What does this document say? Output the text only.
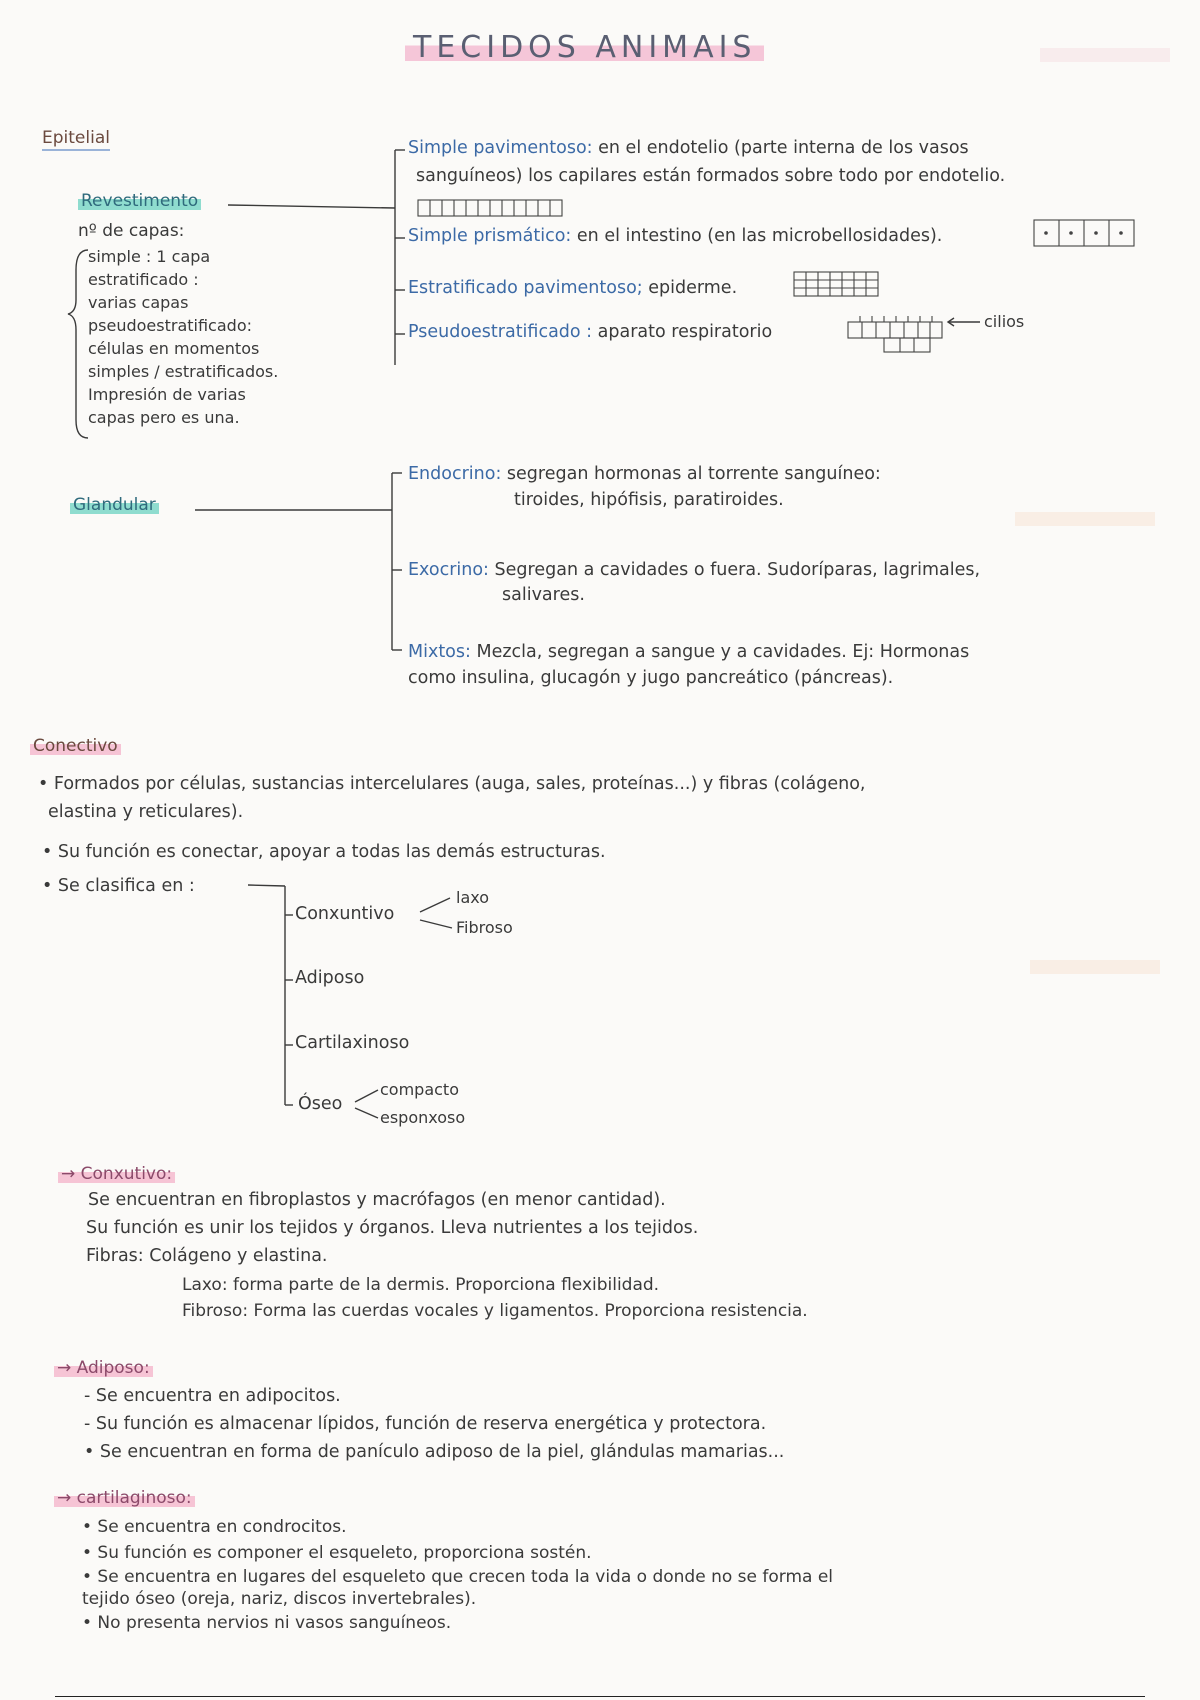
TECIDOS ANIMAIS
Epitelial
Revestimento
nº de capas:
simple : 1 capa
estratificado :
varias capas
pseudoestratificado:
células en momentos
simples / estratificados.
Impresión de varias
capas pero es una.
Simple pavimentoso: en el endotelio (parte interna de los vasos
sanguíneos) los capilares están formados sobre todo por endotelio.
Simple prismático: en el intestino (en las microbellosidades).
Estratificado pavimentoso; epiderme.
Pseudoestratificado : aparato respiratorio
cilios
Glandular
Endocrino: segregan hormonas al torrente sanguíneo:
tiroides, hipófisis, paratiroides.
Exocrino: Segregan a cavidades o fuera. Sudoríparas, lagrimales,
salivares.
Mixtos: Mezcla, segregan a sangue y a cavidades. Ej: Hormonas
como insulina, glucagón y jugo pancreático (páncreas).
Conectivo
• Formados por células, sustancias intercelulares (auga, sales, proteínas...) y fibras (colágeno,
elastina y reticulares).
• Su función es conectar, apoyar a todas las demás estructuras.
• Se clasifica en :
Conxuntivo
laxo
Fibroso
Adiposo
Cartilaxinoso
Óseo
compacto
esponxoso
→ Conxutivo:
Se encuentran en fibroplastos y macrófagos (en menor cantidad).
Su función es unir los tejidos y órganos. Lleva nutrientes a los tejidos.
Fibras: Colágeno y elastina.
Laxo: forma parte de la dermis. Proporciona flexibilidad.
Fibroso: Forma las cuerdas vocales y ligamentos. Proporciona resistencia.
→ Adiposo:
- Se encuentra en adipocitos.
- Su función es almacenar lípidos, función de reserva energética y protectora.
• Se encuentran en forma de panículo adiposo de la piel, glándulas mamarias...
→ cartilaginoso:
• Se encuentra en condrocitos.
• Su función es componer el esqueleto, proporciona sostén.
• Se encuentra en lugares del esqueleto que crecen toda la vida o donde no se forma el
tejido óseo (oreja, nariz, discos invertebrales).
• No presenta nervios ni vasos sanguíneos.
